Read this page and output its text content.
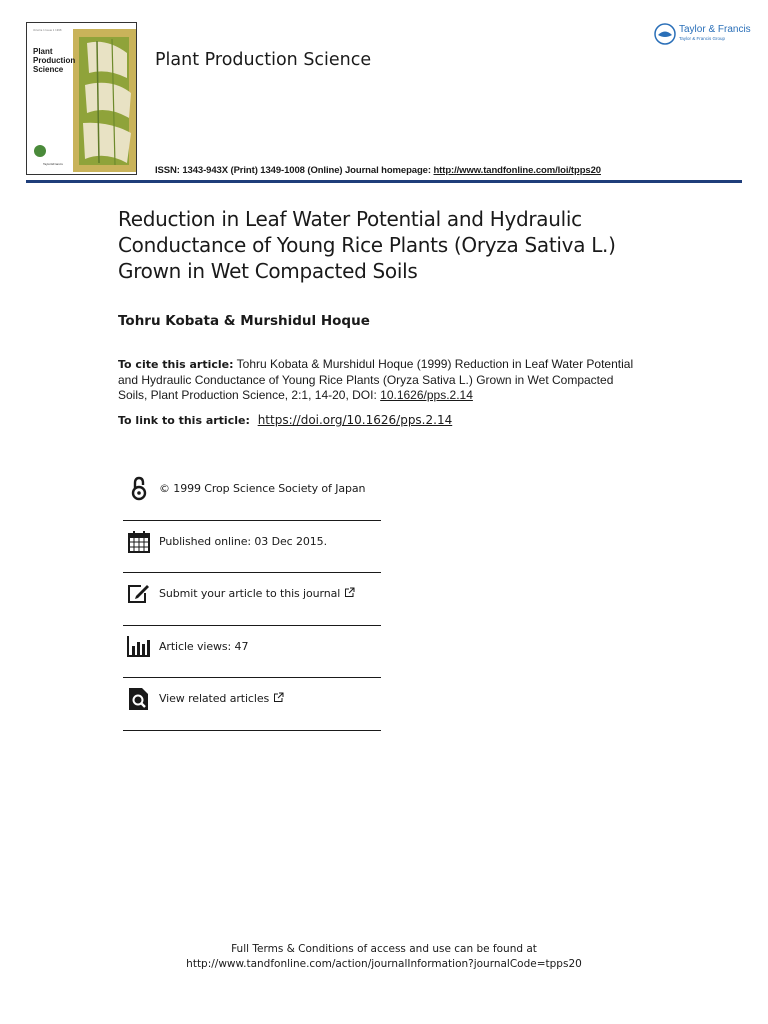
Volume 1 Issue 1 1998
Plant
Production
Science
Taylor&Francis
Plant Production Science
Taylor & Francis
Taylor & Francis Group
ISSN: 1343-943X (Print) 1349-1008 (Online) Journal homepage: http://www.tandfonline.com/loi/tpps20
Reduction in Leaf Water Potential and Hydraulic Conductance of Young Rice Plants (Oryza Sativa L.) Grown in Wet Compacted Soils
Tohru Kobata & Murshidul Hoque
To cite this article: Tohru Kobata & Murshidul Hoque (1999) Reduction in Leaf Water Potential and Hydraulic Conductance of Young Rice Plants (Oryza Sativa L.) Grown in Wet Compacted Soils, Plant Production Science, 2:1, 14-20, DOI: 10.1626/pps.2.14
To link to this article: https://doi.org/10.1626/pps.2.14
© 1999 Crop Science Society of Japan
Published online: 03 Dec 2015.
Submit your article to this journal
Article views: 47
View related articles
Full Terms & Conditions of access and use can be found at
http://www.tandfonline.com/action/journalInformation?journalCode=tpps20
